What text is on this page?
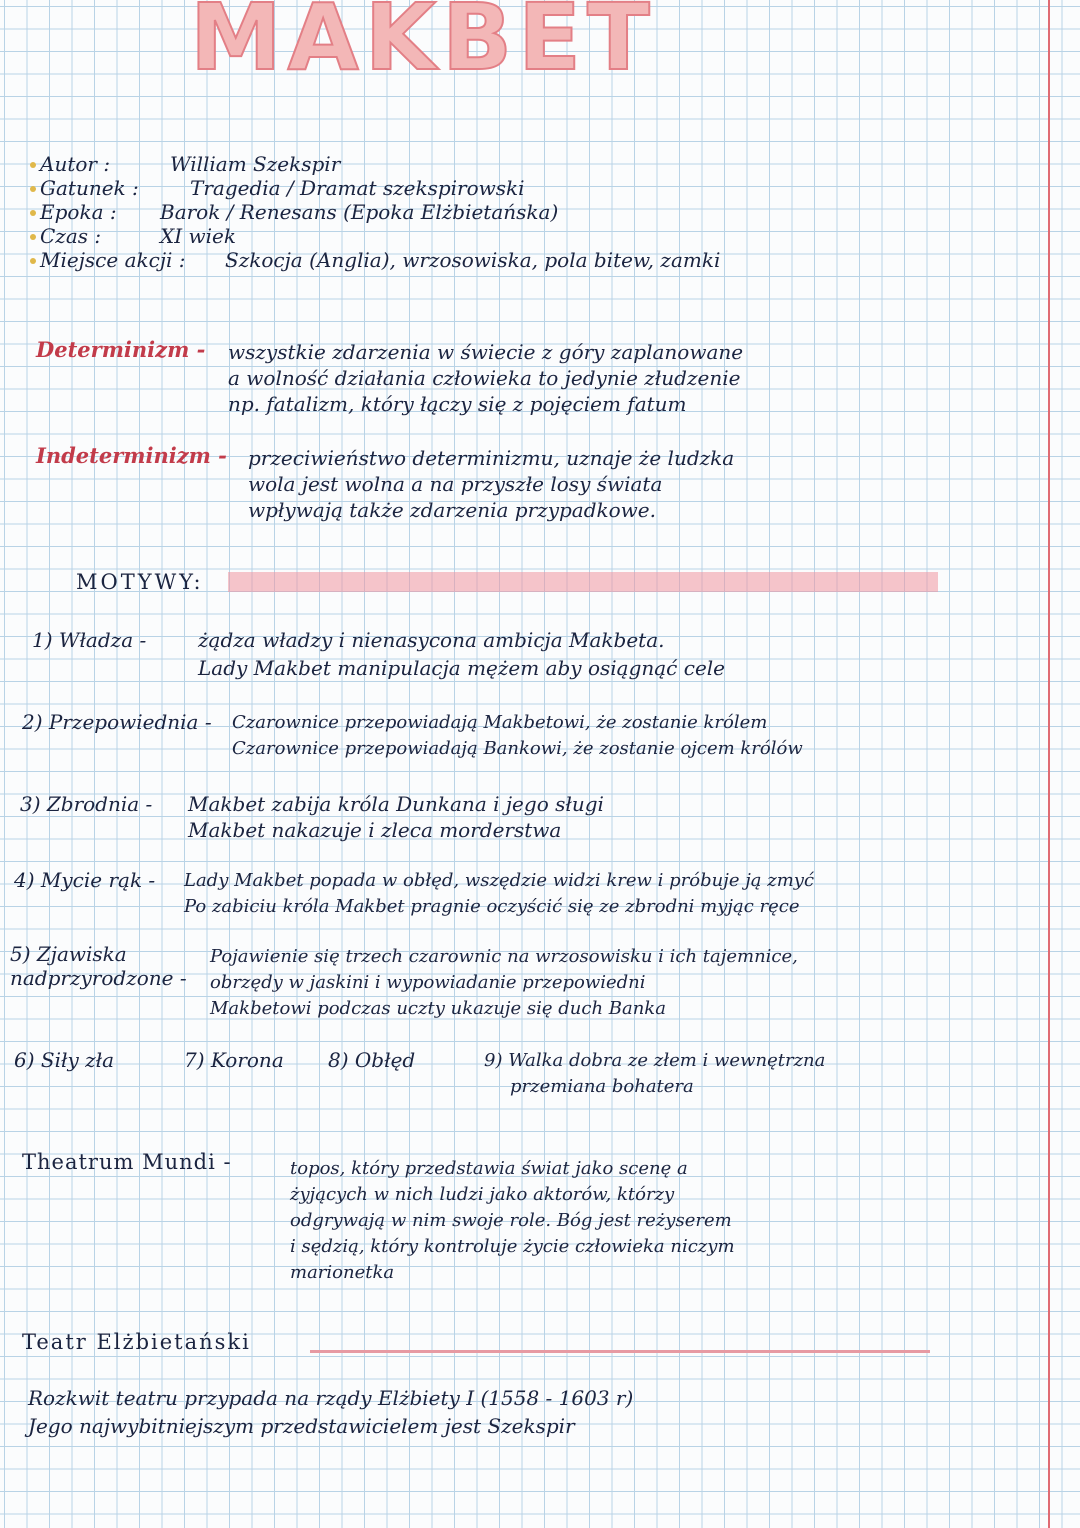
MAKBET
Autor :	William Szekspir
Gatunek :	Tragedia / Dramat szekspirowski
Epoka : Barok / Renesans (Epoka Elżbietańska)
Czas :	XI wiek
Miejsce akcji : Szkocja (Anglia), wrzosowiska, pola bitew, zamki
Determinizm - wszystkie zdarzenia w świecie z góry zaplanowane
a wolność działania człowieka to jedynie złudzenie
np. fatalizm, który łączy się z pojęciem fatum
Indeterminizm - przeciwieństwo determinizmu, uznaje że ludzka
wola jest wolna a na przyszłe losy świata
wpływają także zdarzenia przypadkowe.
MOTYWY:
1) Władza -	żądza władzy i nienasycona ambicja Makbeta.
Lady Makbet manipulacja mężem aby osiągnąć cele
2) Przepowiednia - Czarownice przepowiadają Makbetowi, że zostanie królem
Czarownice przepowiadają Bankowi, że zostanie ojcem królów
3) Zbrodnia - Makbet zabija króla Dunkana i jego sługi
Makbet nakazuje i zleca morderstwa
4) Mycie rąk - Lady Makbet popada w obłęd, wszędzie widzi krew i próbuje ją zmyć
Po zabiciu króla Makbet pragnie oczyścić się ze zbrodni myjąc ręce
5) Zjawiska nadprzyrodzone -
Pojawienie się trzech czarownic na wrzosowisku i ich tajemnice,
obrzędy w jaskini i wypowiadanie przepowiedni
Makbetowi podczas uczty ukazuje się duch Banka
6) Siły zła	7) Korona 8) Obłęd	9) Walka dobra ze złem i wewnętrzna
przemiana bohatera
Theatrum Mundi -	topos, który przedstawia świat jako scenę a
żyjących w nich ludzi jako aktorów, którzy
odgrywają w nim swoje role. Bóg jest reżyserem
i sędzią, który kontroluje życie człowieka niczym
marionetka
Teatr Elżbietański
Rozkwit teatru przypada na rządy Elżbiety I (1558 - 1603 r)
Jego najwybitniejszym przedstawicielem jest Szekspir
